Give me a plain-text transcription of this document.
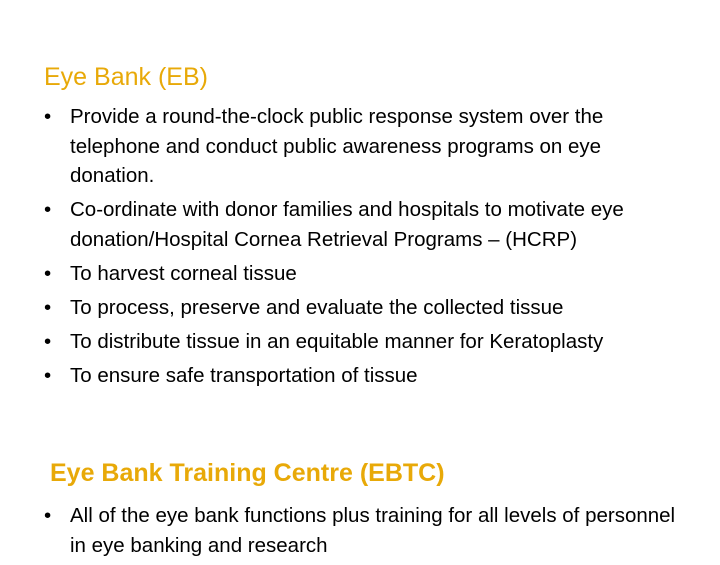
Eye Bank (EB)
• Provide a round-the-clock public response system over the telephone and conduct public awareness programs on eye donation.
• Co-ordinate with donor families and hospitals to motivate eye donation/Hospital Cornea Retrieval Programs – (HCRP)
• To harvest corneal tissue
• To process, preserve and evaluate the collected tissue
• To distribute tissue in an equitable manner for Keratoplasty
• To ensure safe transportation of tissue
Eye Bank Training Centre (EBTC)
• All of the eye bank functions plus training for all levels of personnel in eye banking and research
